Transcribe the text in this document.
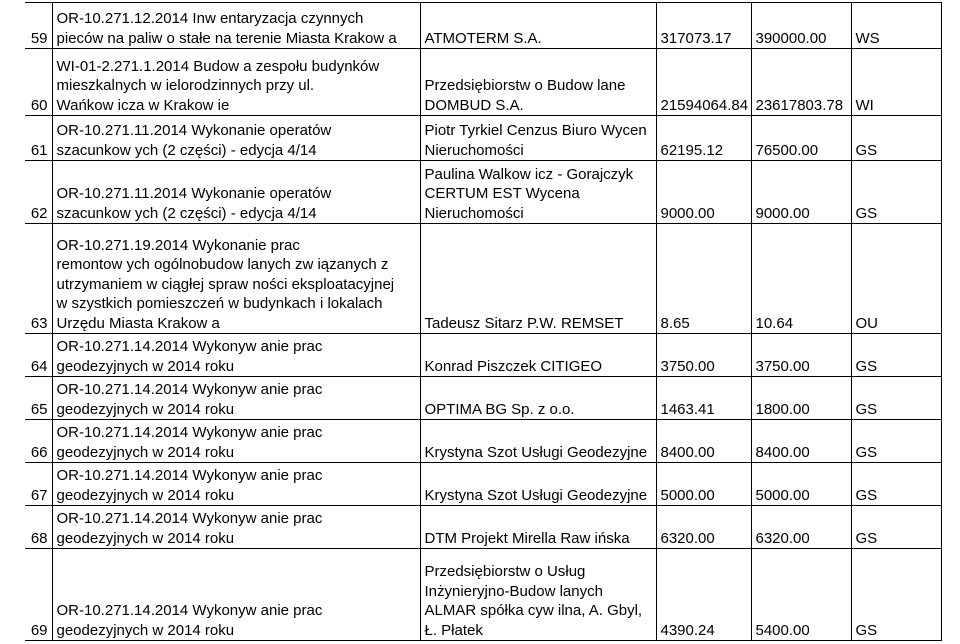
59	OR-10.271.12.2014 Inw entaryzacja czynnych
pieców na paliw o stałe na terenie Miasta Krakow a	ATMOTERM S.A.	317073.17	390000.00	WS
60	WI-01-2.271.1.2014 Budow a zespołu budynków
mieszkalnych w ielorodzinnych przy ul.
Wańkow icza w Krakow ie	Przedsiębiorstw o Budow lane
DOMBUD S.A.	21594064.84	23617803.78	WI
61	OR-10.271.11.2014 Wykonanie operatów
szacunkow ych (2 części) - edycja 4/14	Piotr Tyrkiel Cenzus Biuro Wycen
Nieruchomości	62195.12	76500.00	GS
62	OR-10.271.11.2014 Wykonanie operatów
szacunkow ych (2 części) - edycja 4/14	Paulina Walkow icz - Gorajczyk
CERTUM EST Wycena
Nieruchomości	9000.00	9000.00	GS
63	OR-10.271.19.2014 Wykonanie prac
remontow ych ogólnobudow lanych zw iązanych z
utrzymaniem w ciągłej spraw ności eksploatacyjnej
w szystkich pomieszczeń w budynkach i lokalach
Urzędu Miasta Krakow a	Tadeusz Sitarz P.W. REMSET	8.65	10.64	OU
64	OR-10.271.14.2014 Wykonyw anie prac
geodezyjnych w 2014 roku	Konrad Piszczek CITIGEO	3750.00	3750.00	GS
65	OR-10.271.14.2014 Wykonyw anie prac
geodezyjnych w 2014 roku	OPTIMA BG Sp. z o.o.	1463.41	1800.00	GS
66	OR-10.271.14.2014 Wykonyw anie prac
geodezyjnych w 2014 roku	Krystyna Szot Usługi Geodezyjne	8400.00	8400.00	GS
67	OR-10.271.14.2014 Wykonyw anie prac
geodezyjnych w 2014 roku	Krystyna Szot Usługi Geodezyjne	5000.00	5000.00	GS
68	OR-10.271.14.2014 Wykonyw anie prac
geodezyjnych w 2014 roku	DTM Projekt Mirella Raw ińska	6320.00	6320.00	GS
69	OR-10.271.14.2014 Wykonyw anie prac
geodezyjnych w 2014 roku	Przedsiębiorstw o Usług
Inżynieryjno-Budow lanych
ALMAR spółka cyw ilna, A. Gbyl,
Ł. Płatek	4390.24	5400.00	GS
